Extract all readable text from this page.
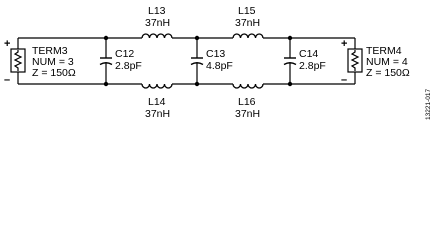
L13
37nH
L15
37nH
L14
37nH
L16
37nH
C12
2.8pF
C13
4.8pF
C14
2.8pF
+
–
TERM3
NUM = 3
Z = 150Ω
+
–
TERM4
NUM = 4
Z = 150Ω
13221-017
